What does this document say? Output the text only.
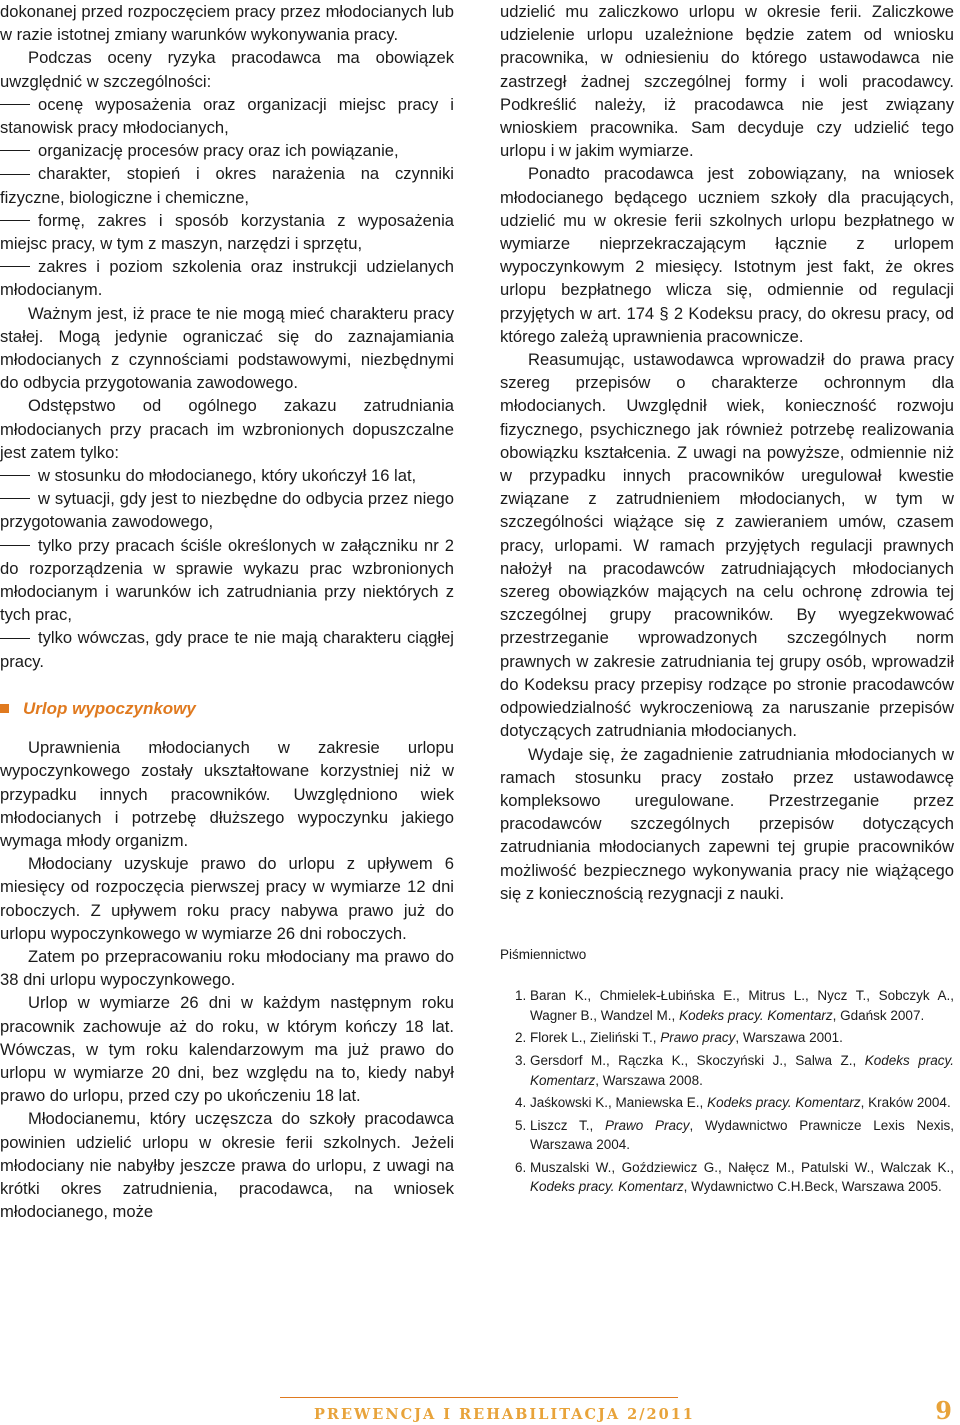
dokonanej przed rozpoczęciem pracy przez młodocianych lub w razie istotnej zmiany warunków wykonywania pracy.

Podczas oceny ryzyka pracodawca ma obowiązek uwzględnić w szczególności:

ocenę wyposażenia oraz organizacji miejsc pracy i stanowisk pracy młodocianych,

organizację procesów pracy oraz ich powiązanie,

charakter, stopień i okres narażenia na czynniki fizyczne, biologiczne i chemiczne,

formę, zakres i sposób korzystania z wyposażenia miejsc pracy, w tym z maszyn, narzędzi i sprzętu,

zakres i poziom szkolenia oraz instrukcji udzielanych młodocianym.

Ważnym jest, iż prace te nie mogą mieć charakteru pracy stałej. Mogą jedynie ograniczać się do zaznajamiania młodocianych z czynnościami podstawowymi, niezbędnymi do odbycia przygotowania zawodowego.

Odstępstwo od ogólnego zakazu zatrudniania młodocianych przy pracach im wzbronionych dopuszczalne jest zatem tylko:

w stosunku do młodocianego, który ukończył 16 lat,

w sytuacji, gdy jest to niezbędne do odbycia przez niego przygotowania zawodowego,

tylko przy pracach ściśle określonych w załączniku nr 2 do rozporządzenia w sprawie wykazu prac wzbronionych młodocianym i warunków ich zatrudniania przy niektórych z tych prac,

tylko wówczas, gdy prace te nie mają charakteru ciągłej pracy.

Urlop wypoczynkowy

Uprawnienia młodocianych w zakresie urlopu wypoczynkowego zostały ukształtowane korzystniej niż w przypadku innych pracowników. Uwzględniono wiek młodocianych i potrzebę dłuższego wypoczynku jakiego wymaga młody organizm.

Młodociany uzyskuje prawo do urlopu z upływem 6 miesięcy od rozpoczęcia pierwszej pracy w wymiarze 12 dni roboczych. Z upływem roku pracy nabywa prawo już do urlopu wypoczynkowego w wymiarze 26 dni roboczych.

Zatem po przepracowaniu roku młodociany ma prawo do 38 dni urlopu wypoczynkowego.

Urlop w wymiarze 26 dni w każdym następnym roku pracownik zachowuje aż do roku, w którym kończy 18 lat. Wówczas, w tym roku kalendarzowym ma już prawo do urlopu w wymiarze 20 dni, bez względu na to, kiedy nabył prawo do urlopu, przed czy po ukończeniu 18 lat.

Młodocianemu, który uczęszcza do szkoły pracodawca powinien udzielić urlopu w okresie ferii szkolnych. Jeżeli młodociany nie nabyłby jeszcze prawa do urlopu, z uwagi na krótki okres zatrudnienia, pracodawca, na wniosek młodocianego, może

udzielić mu zaliczkowo urlopu w okresie ferii. Zaliczkowe udzielenie urlopu uzależnione będzie zatem od wniosku pracownika, w odniesieniu do którego ustawodawca nie zastrzegł żadnej szczególnej formy i woli pracodawcy. Podkreślić należy, iż pracodawca nie jest związany wnioskiem pracownika. Sam decyduje czy udzielić tego urlopu i w jakim wymiarze.

Ponadto pracodawca jest zobowiązany, na wniosek młodocianego będącego uczniem szkoły dla pracujących, udzielić mu w okresie ferii szkolnych urlopu bezpłatnego w wymiarze nieprzekraczającym łącznie z urlopem wypoczynkowym 2 miesięcy. Istotnym jest fakt, że okres urlopu bezpłatnego wlicza się, odmiennie od regulacji przyjętych w art. 174 § 2 Kodeksu pracy, do okresu pracy, od którego zależą uprawnienia pracownicze.

Reasumując, ustawodawca wprowadził do prawa pracy szereg przepisów o charakterze ochronnym dla młodocianych. Uwzględnił wiek, konieczność rozwoju fizycznego, psychicznego jak również potrzebę realizowania obowiązku kształcenia. Z uwagi na powyższe, odmiennie niż w przypadku innych pracowników uregulował kwestie związane z zatrudnieniem młodocianych, w tym w szczególności wiążące się z zawieraniem umów, czasem pracy, urlopami. W ramach przyjętych regulacji prawnych nałożył na pracodawców zatrudniających młodocianych szereg obowiązków mających na celu ochronę zdrowia tej szczególnej grupy pracowników. By wyegzekwować przestrzeganie wprowadzonych szczególnych norm prawnych w zakresie zatrudniania tej grupy osób, wprowadził do Kodeksu pracy przepisy rodzące po stronie pracodawców odpowiedzialność wykroczeniową za naruszanie przepisów dotyczących zatrudniania młodocianych.

Wydaje się, że zagadnienie zatrudniania młodocianych w ramach stosunku pracy zostało przez ustawodawcę kompleksowo uregulowane. Przestrzeganie przez pracodawców szczególnych przepisów dotyczących zatrudniania młodocianych zapewni tej grupie pracowników możliwość bezpiecznego wykonywania pracy nie wiążącego się z koniecznością rezygnacji z nauki.

Piśmiennictwo
1. Baran K., Chmielek-Łubińska E., Mitrus L., Nycz T., Sobczyk A., Wagner B., Wandzel M., Kodeks pracy. Komentarz, Gdańsk 2007.
2. Florek L., Zieliński T., Prawo pracy, Warszawa 2001.
3. Gersdorf M., Rączka K., Skoczyński J., Salwa Z., Kodeks pracy. Komentarz, Warszawa 2008.
4. Jaśkowski K., Maniewska E., Kodeks pracy. Komentarz, Kraków 2004.
5. Liszcz T., Prawo Pracy, Wydawnictwo Prawnicze Lexis Nexis, Warszawa 2004.
6. Muszalski W., Goździewicz G., Nałęcz M., Patulski W., Walczak K., Kodeks pracy. Komentarz, Wydawnictwo C.H.Beck, Warszawa 2005.
PREWENCJA I REHABILITACJA 2/2011	9
